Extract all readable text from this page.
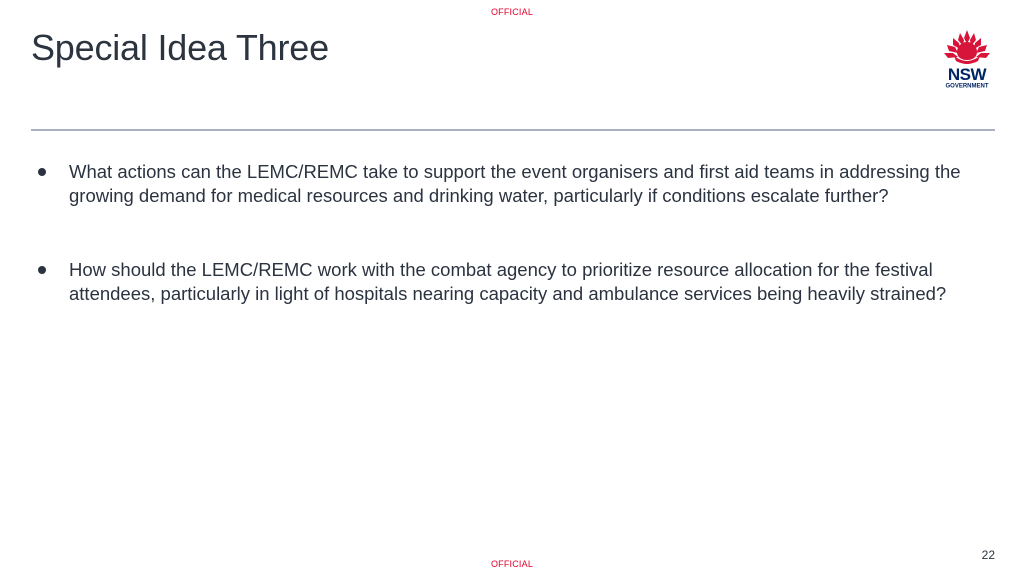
OFFICIAL
Special Idea Three
NSW
GOVERNMENT
What actions can the LEMC/REMC take to support the event organisers and first aid teams in addressing the growing demand for medical resources and drinking water, particularly if conditions escalate further?
How should the LEMC/REMC work with the combat agency to prioritize resource allocation for the festival attendees, particularly in light of hospitals nearing capacity and ambulance services being heavily strained?
22
OFFICIAL
